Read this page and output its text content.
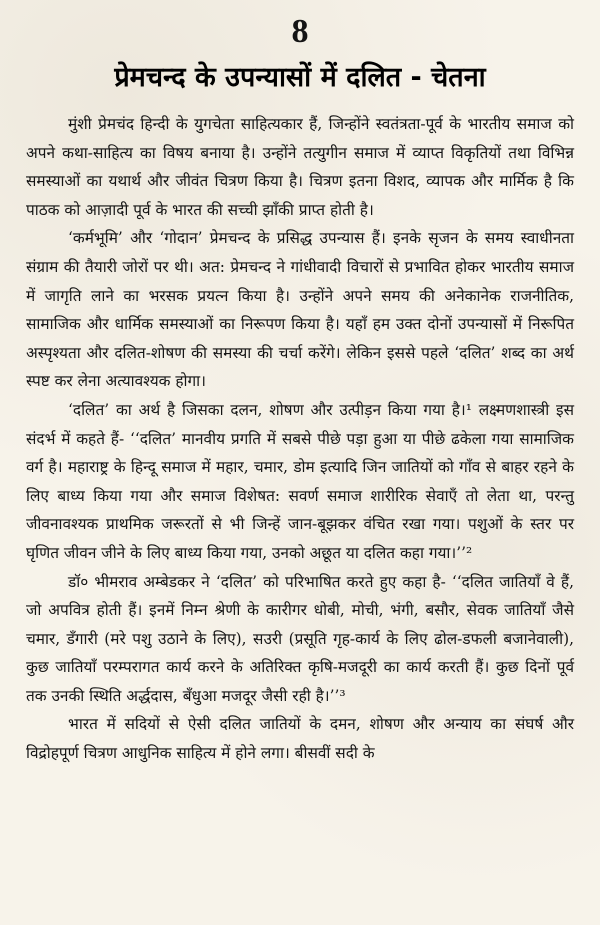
8
प्रेमचन्द के उपन्यासों में दलित - चेतना

मुंशी प्रेमचंद हिन्दी के युगचेता साहित्यकार हैं, जिन्होंने स्वतंत्रता-पूर्व के भारतीय समाज को अपने कथा-साहित्य का विषय बनाया है। उन्होंने तत्युगीन समाज में व्याप्त विकृतियों तथा विभिन्न समस्याओं का यथार्थ और जीवंत चित्रण किया है। चित्रण इतना विशद, व्यापक और मार्मिक है कि पाठक को आज़ादी पूर्व के भारत की सच्ची झाँकी प्राप्त होती है।

‘कर्मभूमि’ और ‘गोदान’ प्रेमचन्द के प्रसिद्ध उपन्यास हैं। इनके सृजन के समय स्वाधीनता संग्राम की तैयारी जोरों पर थी। अत: प्रेमचन्द ने गांधीवादी विचारों से प्रभावित होकर भारतीय समाज में जागृति लाने का भरसक प्रयत्न किया है। उन्होंने अपने समय की अनेकानेक राजनीतिक, सामाजिक और धार्मिक समस्याओं का निरूपण किया है। यहाँ हम उक्त दोनों उपन्यासों में निरूपित अस्पृश्यता और दलित-शोषण की समस्या की चर्चा करेंगे। लेकिन इससे पहले ‘दलित’ शब्द का अर्थ स्पष्ट कर लेना अत्यावश्यक होगा।

‘दलित’ का अर्थ है जिसका दलन, शोषण और उत्पीड़न किया गया है।¹ लक्ष्मणशास्त्री इस संदर्भ में कहते हैं- ‘‘दलित’ मानवीय प्रगति में सबसे पीछे पड़ा हुआ या पीछे ढकेला गया सामाजिक वर्ग है। महाराष्ट्र के हिन्दू समाज में महार, चमार, डोम इत्यादि जिन जातियों को गाँव से बाहर रहने के लिए बाध्य किया गया और समाज विशेषत: सवर्ण समाज शारीरिक सेवाएँ तो लेता था, परन्तु जीवनावश्यक प्राथमिक जरूरतों से भी जिन्हें जान-बूझकर वंचित रखा गया। पशुओं के स्तर पर घृणित जीवन जीने के लिए बाध्य किया गया, उनको अछूत या दलित कहा गया।’’²

डॉ० भीमराव अम्बेडकर ने ‘दलित’ को परिभाषित करते हुए कहा है- ‘‘दलित जातियाँ वे हैं, जो अपवित्र होती हैं। इनमें निम्न श्रेणी के कारीगर धोबी, मोची, भंगी, बसौर, सेवक जातियाँ जैसे चमार, डँगारी (मरे पशु उठाने के लिए), सउरी (प्रसूति गृह-कार्य के लिए ढोल-डफली बजानेवाली), कुछ जातियाँ परम्परागत कार्य करने के अतिरिक्त कृषि-मजदूरी का कार्य करती हैं। कुछ दिनों पूर्व तक उनकी स्थिति अर्द्धदास, बँधुआ मजदूर जैसी रही है।’’³

भारत में सदियों से ऐसी दलित जातियों के दमन, शोषण और अन्याय का संघर्ष और विद्रोहपूर्ण चित्रण आधुनिक साहित्य में होने लगा। बीसवीं सदी के
